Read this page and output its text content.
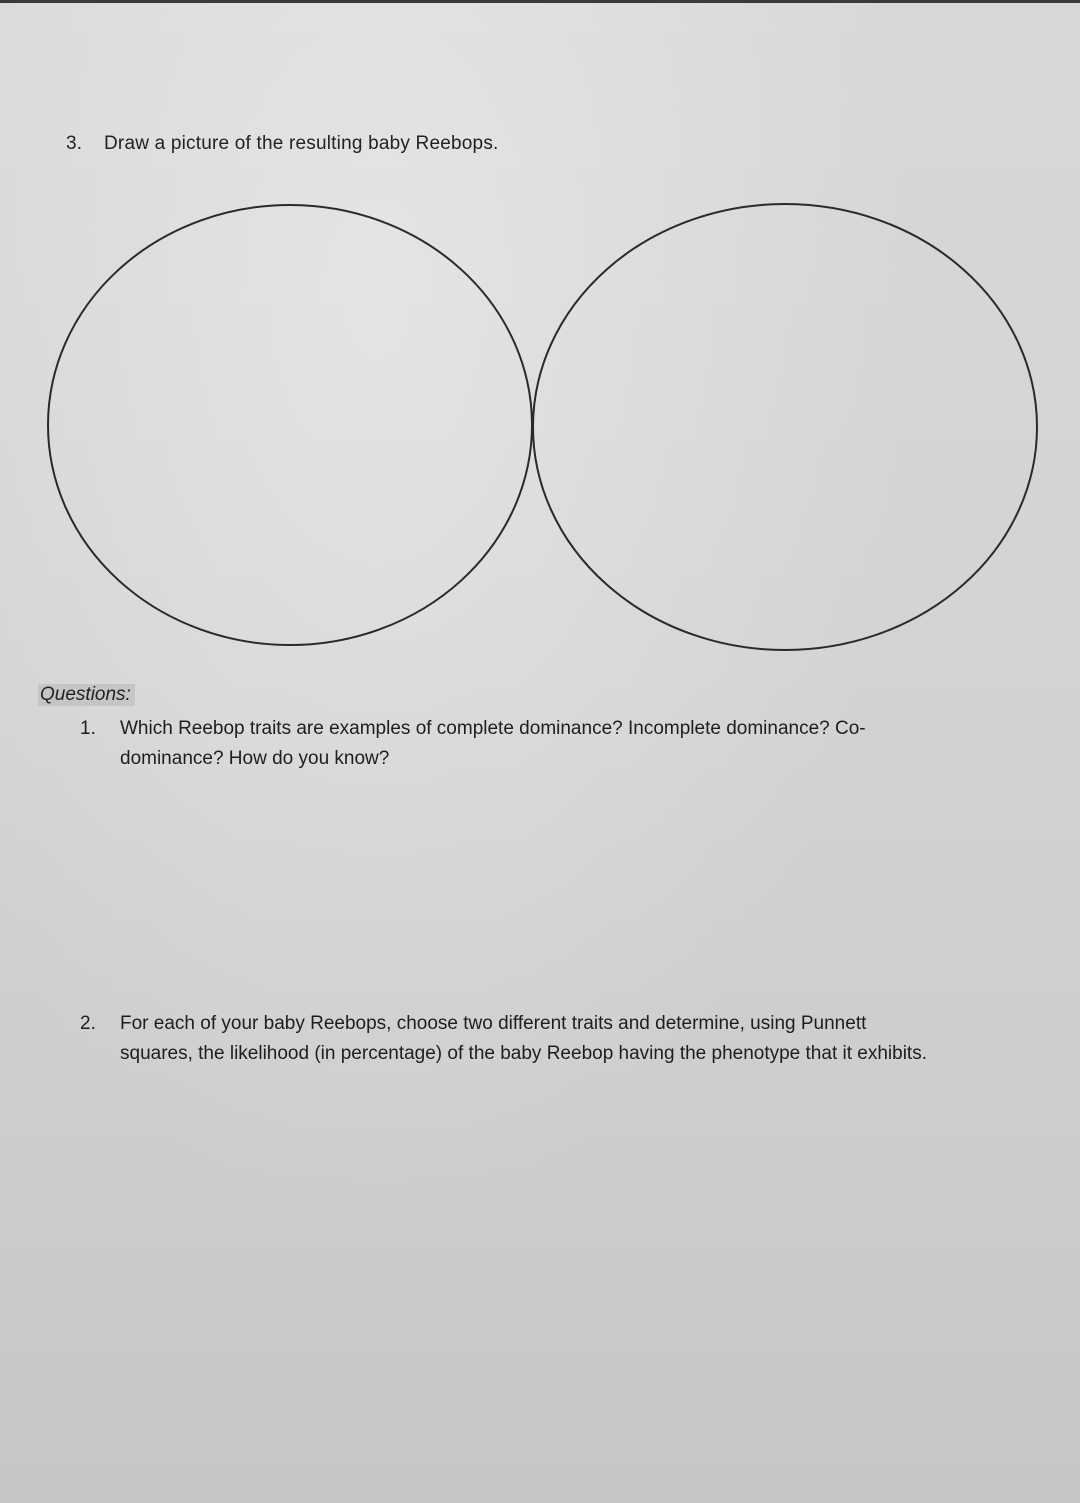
3. Draw a picture of the resulting baby Reebops.
Questions:
1. Which Reebop traits are examples of complete dominance? Incomplete dominance? Co-
dominance? How do you know?
2. For each of your baby Reebops, choose two different traits and determine, using Punnett
squares, the likelihood (in percentage) of the baby Reebop having the phenotype that it exhibits.
